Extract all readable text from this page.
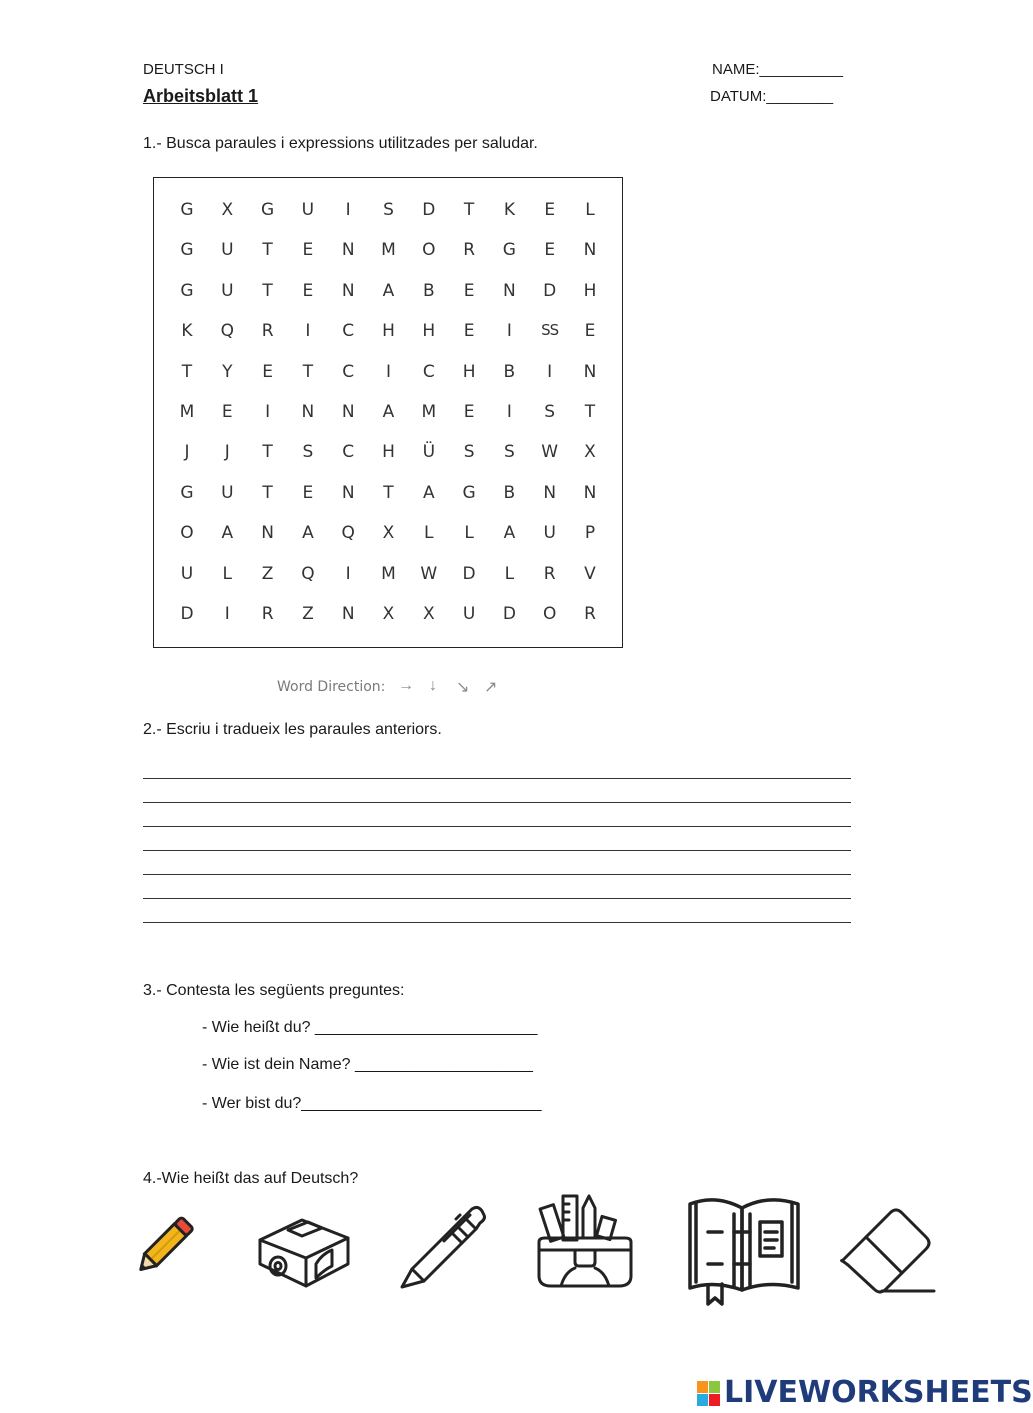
DEUTSCH I
Arbeitsblatt 1
NAME:__________
DATUM:________
1.- Busca paraules i expressions utilitzades per saludar.
G	X	G	U	I	S	D	T	K	E	L
G	U	T	E	N	M	O	R	G	E	N
G	U	T	E	N	A	B	E	N	D	H
K	Q	R	I	C	H	H	E	I	SS	E
T	Y	E	T	C	I	C	H	B	I	N
M	E	I	N	N	A	M	E	I	S	T
J	J	T	S	C	H	Ü	S	S	W	X
G	U	T	E	N	T	A	G	B	N	N
O	A	N	A	Q	X	L	L	A	U	P
U	L	Z	Q	I	M	W	D	L	R	V
D	I	R	Z	N	X	X	U	D	O	R
Word Direction: → ↓ ↘ ↗
2.- Escriu i tradueix les paraules anteriors.
3.- Contesta les següents preguntes:
- Wie heißt du? _________________________
- Wie ist dein Name? ____________________
- Wer bist du?___________________________
4.-Wie heißt das auf Deutsch?
LIVEWORKSHEETS
